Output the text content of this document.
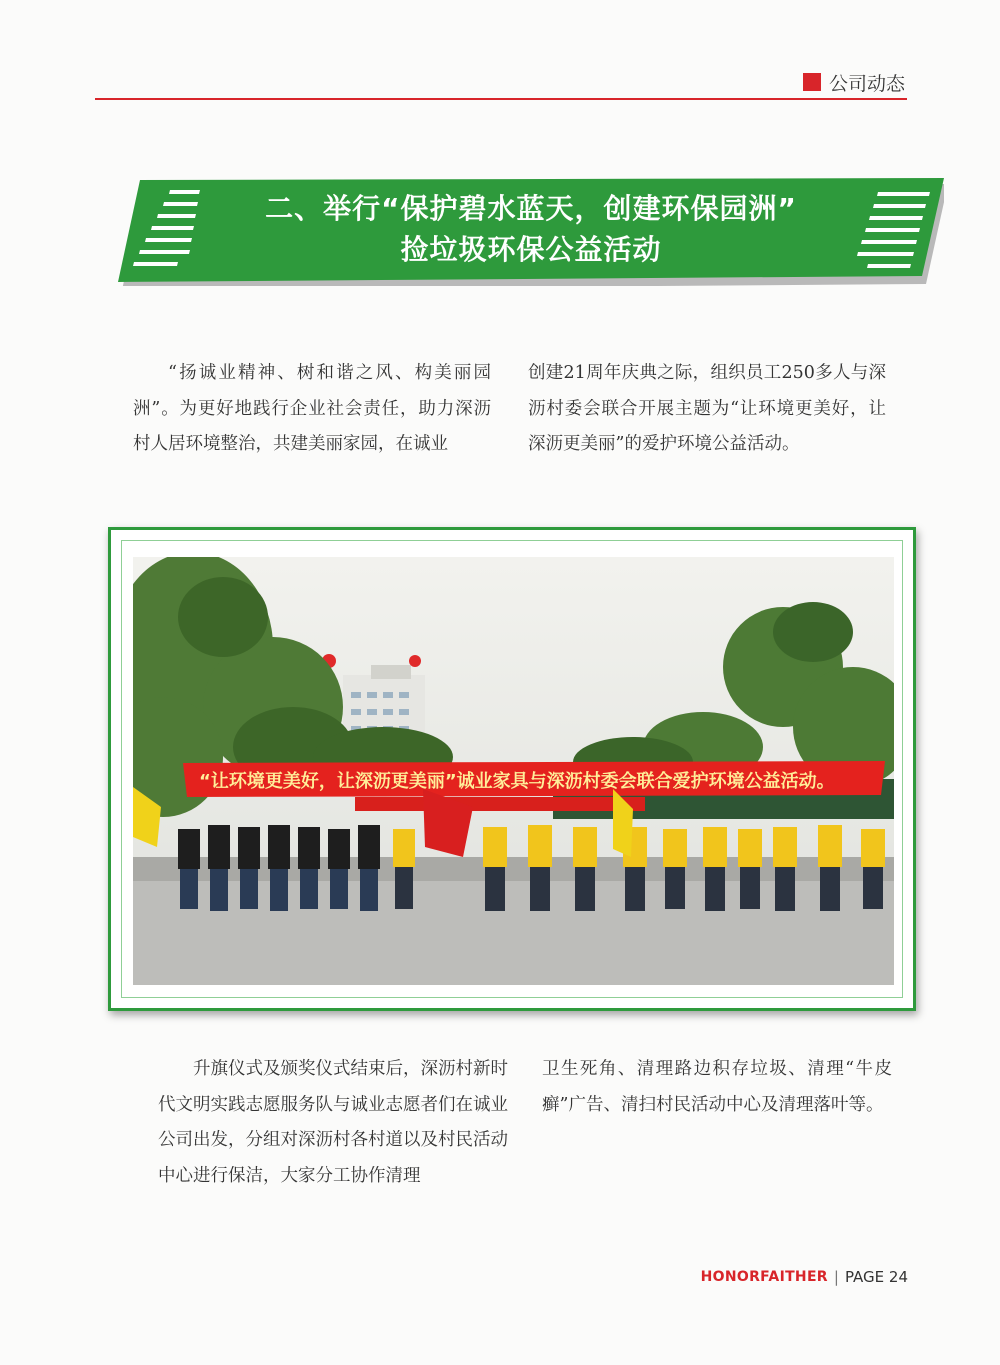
公司动态
二、举行“保护碧水蓝天，创建环保园洲”
捡垃圾环保公益活动

“扬诚业精神、树和谐之风、构美丽园洲”。为更好地践行企业社会责任，助力深沥村人居环境整治，共建美丽家园，在诚业

创建21周年庆典之际，组织员工250多人与深沥村委会联合开展主题为“让环境更美好，让深沥更美丽”的爱护环境公益活动。

“让环境更美好，让深沥更美丽”诚业家具与深沥村委会联合爱护环境公益活动。

升旗仪式及颁奖仪式结束后，深沥村新时代文明实践志愿服务队与诚业志愿者们在诚业公司出发，分组对深沥村各村道以及村民活动中心进行保洁，大家分工协作清理

卫生死角、清理路边积存垃圾、清理“牛皮癣”广告、清扫村民活动中心及清理落叶等。

HONORFAITHER | PAGE 24
